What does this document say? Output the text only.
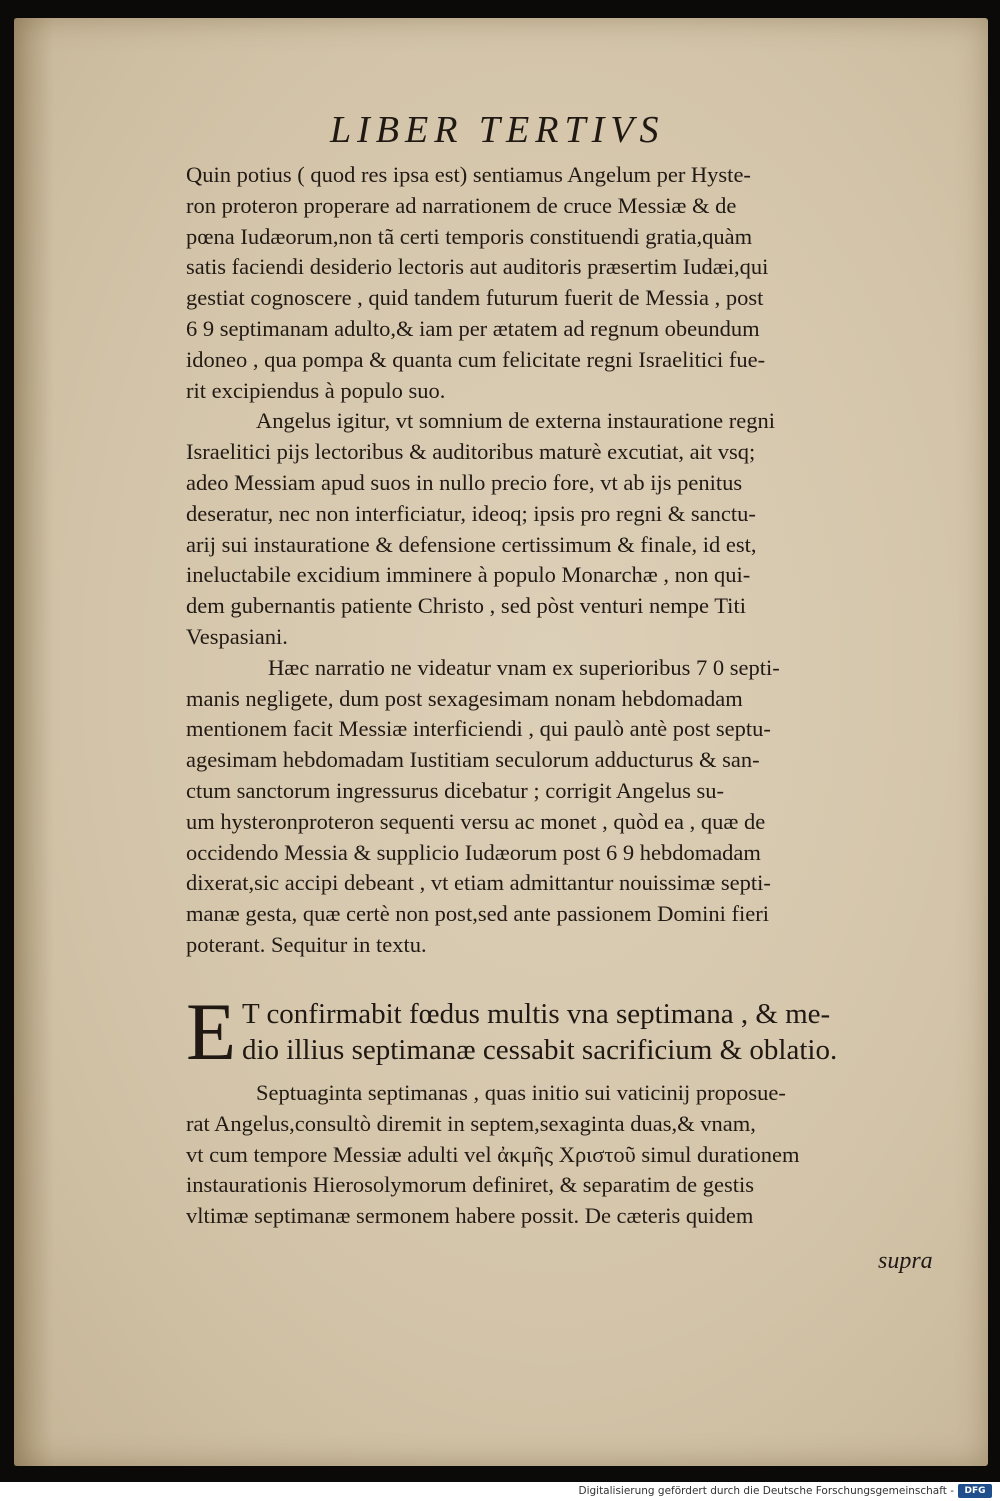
LIBER TERTIVS
Quin potius ( quod res ipsa est) sentiamus Angelum per Hyste-
ron proteron properare ad narrationem de cruce Messiæ & de
pœna Iudæorum,non tã certi temporis constituendi gratia,quàm
satis faciendi desiderio lectoris aut auditoris præsertim Iudæi,qui
gestiat cognoscere , quid tandem futurum fuerit de Messia , post
6 9 septimanam adulto,& iam per ætatem ad regnum obeundum
idoneo , qua pompa & quanta cum felicitate regni Israelitici fue-
rit excipiendus à populo suo.
Angelus igitur, vt somnium de externa instauratione regni
Israelitici pijs lectoribus & auditoribus maturè excutiat, ait vsq;
adeo Messiam apud suos in nullo precio fore, vt ab ijs penitus
deseratur, nec non interficiatur, ideoq; ipsis pro regni & sanctu-
arij sui instauratione & defensione certissimum & finale, id est,
ineluctabile excidium imminere à populo Monarchæ , non qui-
dem gubernantis patiente Christo , sed pòst venturi nempe Titi
Vespasiani.
Hæc narratio ne videatur vnam ex superioribus 7 0 septi-
manis negligete, dum post sexagesimam nonam hebdomadam
mentionem facit Messiæ interficiendi , qui paulò antè post septu-
agesimam hebdomadam Iustitiam seculorum adducturus & san-
ctum sanctorum ingressurus dicebatur ; corrigit Angelus su-
um hysteronproteron sequenti versu ac monet , quòd ea , quæ de
occidendo Messia & supplicio Iudæorum post 6 9 hebdomadam
dixerat,sic accipi debeant , vt etiam admittantur nouissimæ septi-
manæ gesta, quæ certè non post,sed ante passionem Domini fieri
poterant. Sequitur in textu.
E T confirmabit fœdus multis vna septimana , & me-
dio illius septimanæ cessabit sacrificium & oblatio.
Septuaginta septimanas , quas initio sui vaticinij proposue-
rat Angelus,consultò diremit in septem,sexaginta duas,& vnam,
vt cum tempore Messiæ adulti vel ἀκμῆς Χριστοῦ simul durationem
instaurationis Hierosolymorum definiret, & separatim de gestis
vltimæ septimanæ sermonem habere possit. De cæteris quidem
supra
Digitalisierung gefördert durch die Deutsche Forschungsgemeinschaft -	DFG
